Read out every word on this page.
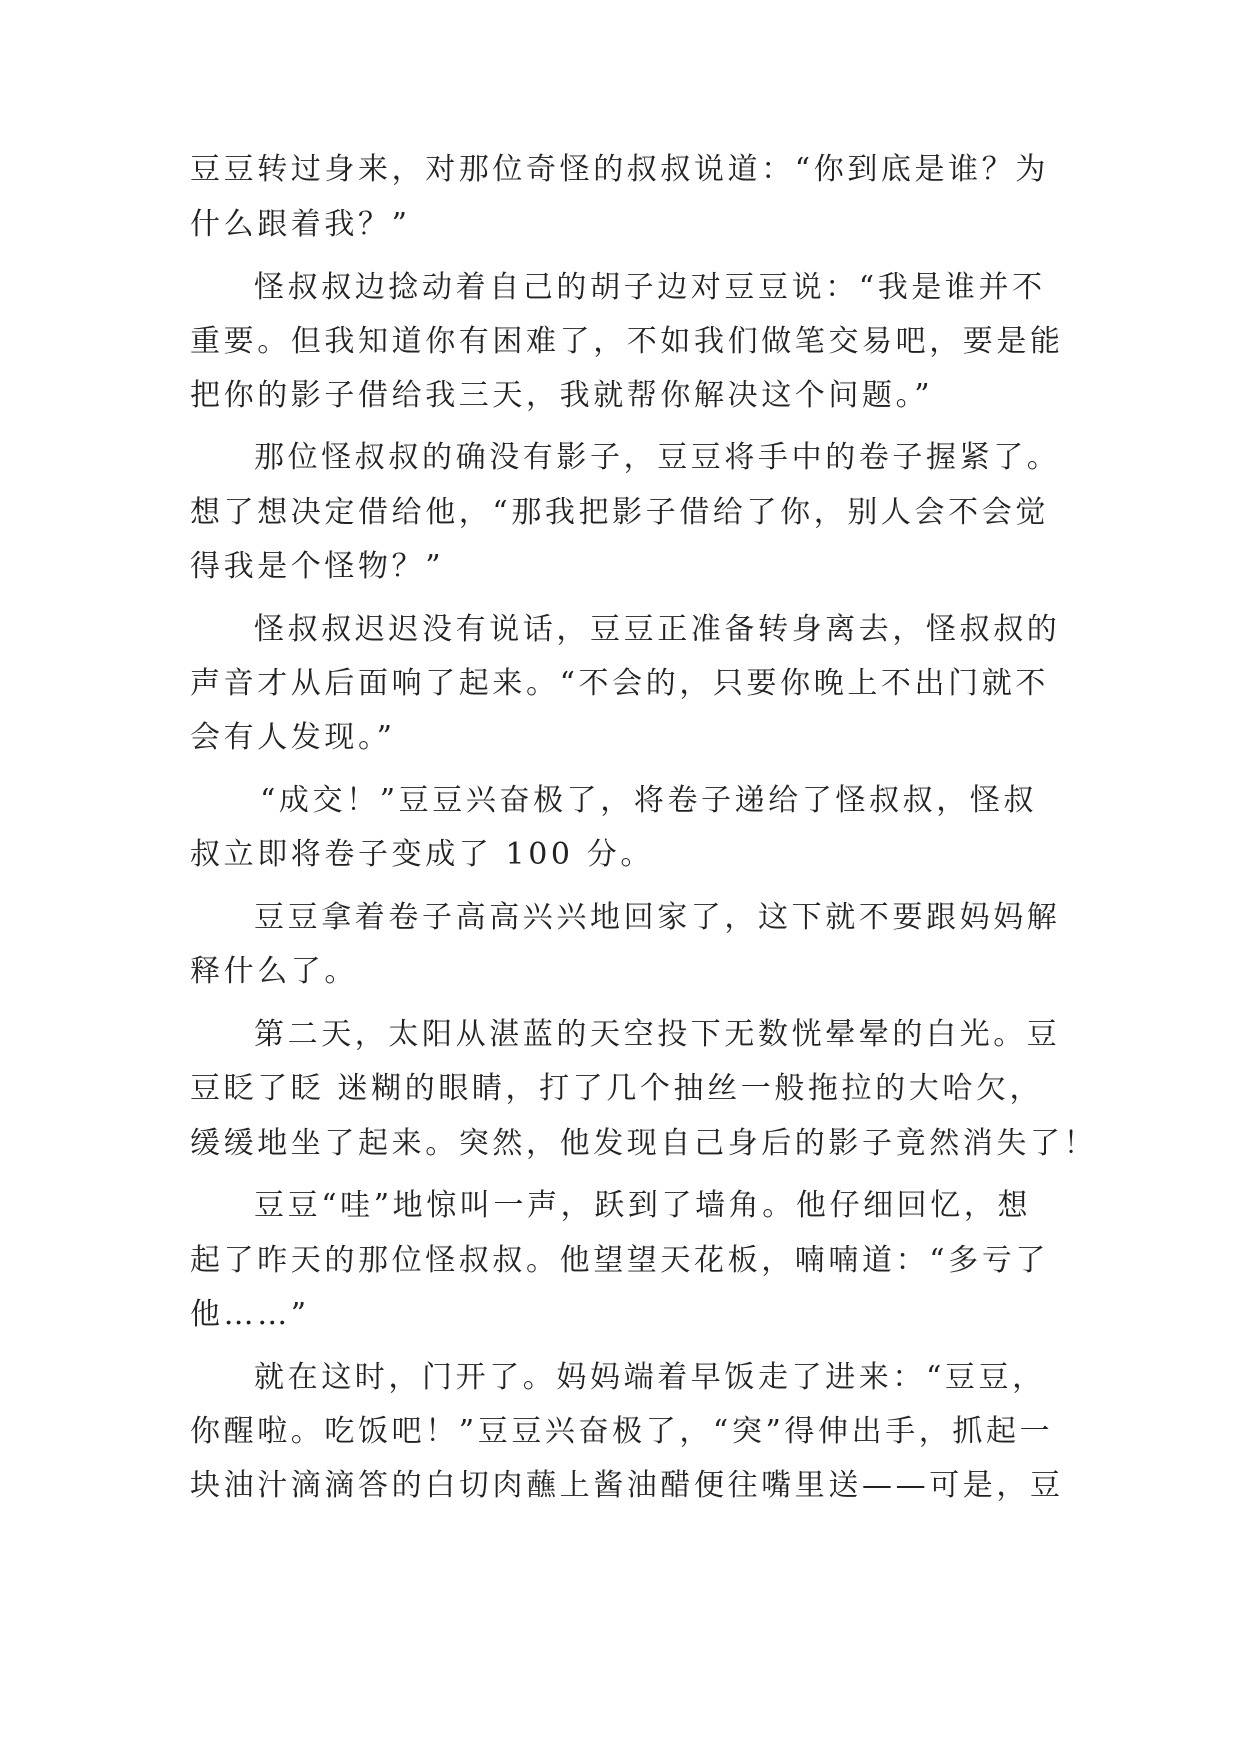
豆豆转过身来，对那位奇怪的叔叔说道：“你到底是谁？为
什么跟着我？”
怪叔叔边捻动着自己的胡子边对豆豆说：“我是谁并不
重要。但我知道你有困难了，不如我们做笔交易吧，要是能
把你的影子借给我三天，我就帮你解决这个问题。”
那位怪叔叔的确没有影子，豆豆将手中的卷子握紧了。
想了想决定借给他，“那我把影子借给了你，别人会不会觉
得我是个怪物？”
怪叔叔迟迟没有说话，豆豆正准备转身离去，怪叔叔的
声音才从后面响了起来。“不会的，只要你晚上不出门就不
会有人发现。”
“成交！”豆豆兴奋极了，将卷子递给了怪叔叔，怪叔
叔立即将卷子变成了 100 分。
豆豆拿着卷子高高兴兴地回家了，这下就不要跟妈妈解
释什么了。
第二天，太阳从湛蓝的天空投下无数恍晕晕的白光。豆
豆眨了眨 迷糊的眼睛，打了几个抽丝一般拖拉的大哈欠，
缓缓地坐了起来。突然，他发现自己身后的影子竟然消失了！
豆豆“哇”地惊叫一声，跃到了墙角。他仔细回忆，想
起了昨天的那位怪叔叔。他望望天花板，喃喃道：“多亏了
他……”
就在这时，门开了。妈妈端着早饭走了进来：“豆豆，
你醒啦。吃饭吧！”豆豆兴奋极了，“突”得伸出手，抓起一
块油汁滴滴答的白切肉蘸上酱油醋便往嘴里送——可是，豆
